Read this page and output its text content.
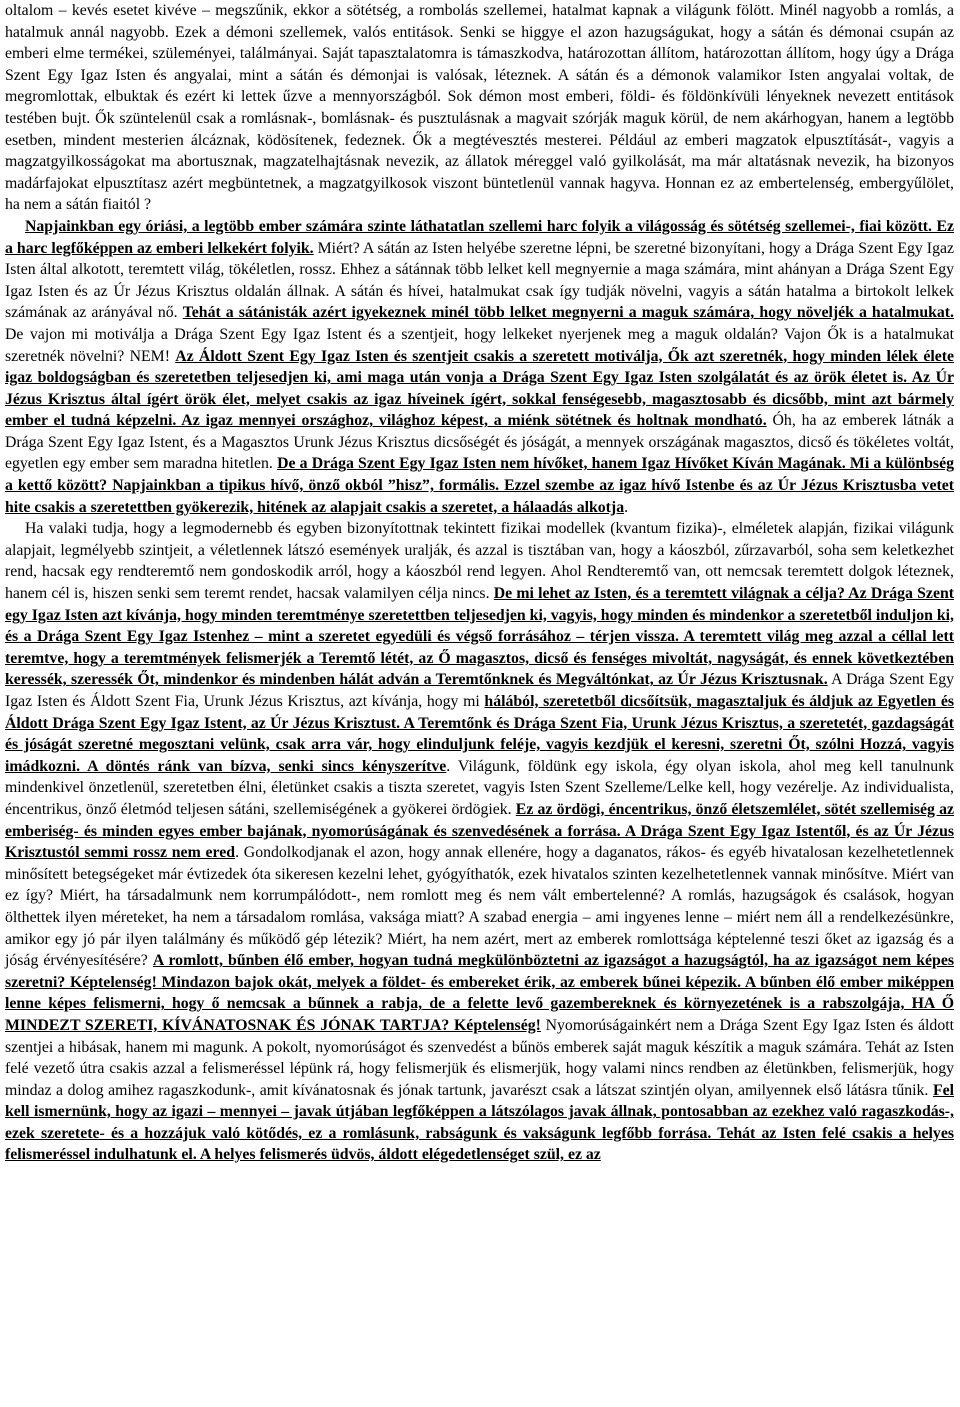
oltalom – kevés esetet kivéve – megszűnik, ekkor a sötétség, a rombolás szellemei, hatalmat kapnak a világunk fölött. Minél nagyobb a romlás, a hatalmuk annál nagyobb. Ezek a démoni szellemek, valós entitások. Senki se higgye el azon hazugságukat, hogy a sátán és démonai csupán az emberi elme termékei, szüleményei, találmányai. Saját tapasztalatomra is támaszkodva, határozottan állítom, határozottan állítom, hogy úgy a Drága Szent Egy Igaz Isten és angyalai, mint a sátán és démonjai is valósak, léteznek. A sátán és a démonok valamikor Isten angyalai voltak, de megromlottak, elbuktak és ezért ki lettek űzve a mennyországból. Sok démon most emberi, földi- és földönkívüli lényeknek nevezett entitások testében bujt. Ők szüntelenül csak a romlásnak-, bomlásnak- és pusztulásnak a magvait szórják maguk körül, de nem akárhogyan, hanem a legtöbb esetben, mindent mesterien álcáznak, ködösítenek, fedeznek. Ők a megtévesztés mesterei. Például az emberi magzatok elpusztítását-, vagyis a magzatgyilkosságokat ma abortusznak, magzatelhajtásnak nevezik, az állatok méreggel való gyilkolását, ma már altatásnak nevezik, ha bizonyos madárfajokat elpusztítasz azért megbüntetnek, a magzatgyilkosok viszont büntetlenül vannak hagyva. Honnan ez az embertelenség, embergyűlölet, ha nem a sátán fiaitól ?

Napjainkban egy óriási, a legtöbb ember számára szinte láthatatlan szellemi harc folyik a világosság és sötétség szellemei-, fiai között. Ez a harc legfőképpen az emberi lelkekért folyik. Miért? A sátán az Isten helyébe szeretne lépni, be szeretné bizonyítani, hogy a Drága Szent Egy Igaz Isten által alkotott, teremtett világ, tökéletlen, rossz. Ehhez a sátánnak több lelket kell megnyernie a maga számára, mint ahányan a Drága Szent Egy Igaz Isten és az Úr Jézus Krisztus oldalán állnak. A sátán és hívei, hatalmukat csak így tudják növelni, vagyis a sátán hatalma a birtokolt lelkek számának az arányával nő. Tehát a sátánisták azért igyekeznek minél több lelket megnyerni a maguk számára, hogy növeljék a hatalmukat. De vajon mi motiválja a Drága Szent Egy Igaz Istent és a szentjeit, hogy lelkeket nyerjenek meg a maguk oldalán? Vajon Ők is a hatalmukat szeretnék növelni? NEM! Az Áldott Szent Egy Igaz Isten és szentjeit csakis a szeretett motiválja, Ők azt szeretnék, hogy minden lélek élete igaz boldogságban és szeretetben teljesedjen ki, ami maga után vonja a Drága Szent Egy Igaz Isten szolgálatát és az örök életet is. Az Úr Jézus Krisztus által ígért örök élet, melyet csakis az igaz híveinek ígért, sokkal fenségesebb, magasztosabb és dicsőbb, mint azt bármely ember el tudná képzelni. Az igaz mennyei országhoz, világhoz képest, a miénk sötétnek és holtnak mondható. Óh, ha az emberek látnák a Drága Szent Egy Igaz Istent, és a Magasztos Urunk Jézus Krisztus dicsőségét és jóságát, a mennyek országának magasztos, dicső és tökéletes voltát, egyetlen egy ember sem maradna hitetlen. De a Drága Szent Egy Igaz Isten nem hívőket, hanem Igaz Hívőket Kíván Magának. Mi a különbség a kettő között? Napjainkban a tipikus hívő, önző okból ”hisz”, formális. Ezzel szembe az igaz hívő Istenbe és az Úr Jézus Krisztusba vetet hite csakis a szeretettben gyökerezik, hitének az alapjait csakis a szeretet, a hálaadás alkotja.

Ha valaki tudja, hogy a legmodernebb és egyben bizonyítottnak tekintett fizikai modellek (kvantum fizika)-, elméletek alapján, fizikai világunk alapjait, legmélyebb szintjeit, a véletlennek látszó események uralják, és azzal is tisztában van, hogy a káoszból, zűrzavarból, soha sem keletkezhet rend, hacsak egy rendteremtő nem gondoskodik arról, hogy a káoszból rend legyen. Ahol Rendteremtő van, ott nemcsak teremtett dolgok léteznek, hanem cél is, hiszen senki sem teremt rendet, hacsak valamilyen célja nincs. De mi lehet az Isten, és a teremtett világnak a célja? Az Drága Szent egy Igaz Isten azt kívánja, hogy minden teremtménye szeretettben teljesedjen ki, vagyis, hogy minden és mindenkor a szeretetből induljon ki, és a Drága Szent Egy Igaz Istenhez – mint a szeretet egyedüli és végső forrásához – térjen vissza. A teremtett világ meg azzal a céllal lett teremtve, hogy a teremtmények felismerjék a Teremtő létét, az Ő magasztos, dicső és fenséges mivoltát, nagyságát, és ennek következtében keressék, szeressék Őt, mindenkor és mindenben hálát adván a Teremtőnknek és Megváltónkat, az Úr Jézus Krisztusnak. A Drága Szent Egy Igaz Isten és Áldott Szent Fia, Urunk Jézus Krisztus, azt kívánja, hogy mi hálából, szeretetből dicsőítsük, magasztaljuk és áldjuk az Egyetlen és Áldott Drága Szent Egy Igaz Istent, az Úr Jézus Krisztust. A Teremtőnk és Drága Szent Fia, Urunk Jézus Krisztus, a szeretetét, gazdagságát és jóságát szeretné megosztani velünk, csak arra vár, hogy elinduljunk feléje, vagyis kezdjük el keresni, szeretni Őt, szólni Hozzá, vagyis imádkozni. A döntés ránk van bízva, senki sincs kényszerítve. Világunk, földünk egy iskola, égy olyan iskola, ahol meg kell tanulnunk mindenkivel önzetlenül, szeretetben élni, életünket csakis a tiszta szeretet, vagyis Isten Szent Szelleme/Lelke kell, hogy vezérelje. Az individualista, éncentrikus, önző életmód teljesen sátáni, szellemiségének a gyökerei ördögiek. Ez az ördögi, éncentrikus, önző életszemlélet, sötét szellemiség az emberiség- és minden egyes ember bajának, nyomorúságának és szenvedésének a forrása. A Drága Szent Egy Igaz Istentől, és az Úr Jézus Krisztustól semmi rossz nem ered. Gondolkodjanak el azon, hogy annak ellenére, hogy a daganatos, rákos- és egyéb hivatalosan kezelhetetlennek minősített betegségeket már évtizedek óta sikeresen kezelni lehet, gyógyíthatók, ezek hivatalos szinten kezelhetetlennek vannak minősítve. Miért van ez így? Miért, ha társadalmunk nem korrumpálódott-, nem romlott meg és nem vált embertelenné? A romlás, hazugságok és csalások, hogyan ölthettek ilyen méreteket, ha nem a társadalom romlása, vaksága miatt? A szabad energia – ami ingyenes lenne – miért nem áll a rendelkezésünkre, amikor egy jó pár ilyen találmány és működő gép létezik? Miért, ha nem azért, mert az emberek romlottsága képtelenné teszi őket az igazság és a jóság érvényesítésére? A romlott, bűnben élő ember, hogyan tudná megkülönböztetni az igazságot a hazugságtól, ha az igazságot nem képes szeretni? Képtelenség! Mindazon bajok okát, melyek a földet- és embereket érik, az emberek bűnei képezik. A bűnben élő ember miképpen lenne képes felismerni, hogy ő nemcsak a bűnnek a rabja, de a felette levő gazembereknek és környezetének is a rabszolgája, HA Ő MINDEZT SZERETI, KÍVÁNATOSNAK ÉS JÓNAK TARTJA? Képtelenség! Nyomorúságainkért nem a Drága Szent Egy Igaz Isten és áldott szentjei a hibásak, hanem mi magunk. A pokolt, nyomorúságot és szenvedést a bűnös emberek saját maguk készítik a maguk számára. Tehát az Isten felé vezető útra csakis azzal a felismeréssel lépünk rá, hogy felismerjük és elismerjük, hogy valami nincs rendben az életünkben, felismerjük, hogy mindaz a dolog amihez ragaszkodunk-, amit kívánatosnak és jónak tartunk, javarészt csak a látszat szintjén olyan, amilyennek első látásra tűnik. Fel kell ismernünk, hogy az igazi – mennyei – javak útjában legfőképpen a látszólagos javak állnak, pontosabban az ezekhez való ragaszkodás-, ezek szeretete- és a hozzájuk való kötődés, ez a romlásunk, rabságunk és vakságunk legfőbb forrása. Tehát az Isten felé csakis a helyes felismeréssel indulhatunk el. A helyes felismerés üdvös, áldott elégedetlenséget szül, ez az
